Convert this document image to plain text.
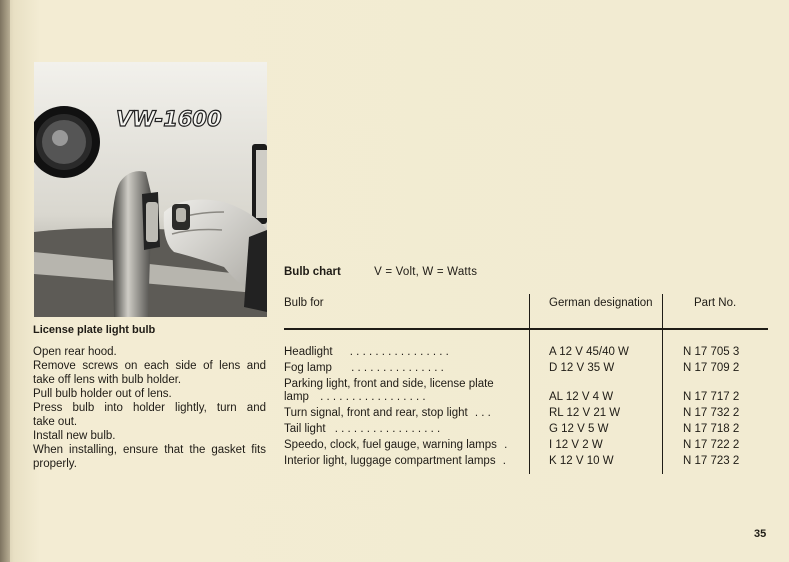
VW-1600
License plate light bulb

Open rear hood.

Remove screws on each side of lens and

take off lens with bulb holder.

Pull bulb holder out of lens.

Press bulb into holder lightly, turn and

take out.

Install new bulb.

When installing, ensure that the gasket fits

properly.

Bulb chart	V = Volt, W = Watts
Bulb for	German designation	Part No.
Headlight . . . . . . . . . . . . . . . .	A 12 V 45/40 W	N 17 705 3
Fog lamp . . . . . . . . . . . . . . .	D 12 V 35 W	N 17 709 2
Parking light, front and side, license plate
lamp . . . . . . . . . . . . . . . . .	AL 12 V 4 W	N 17 717 2
Turn signal, front and rear, stop light . . .	RL 12 V 21 W	N 17 732 2
Tail light . . . . . . . . . . . . . . . . .	G 12 V 5 W	N 17 718 2
Speedo, clock, fuel gauge, warning lamps .	I 12 V 2 W	N 17 722 2
Interior light, luggage compartment lamps .	K 12 V 10 W	N 17 723 2
35
